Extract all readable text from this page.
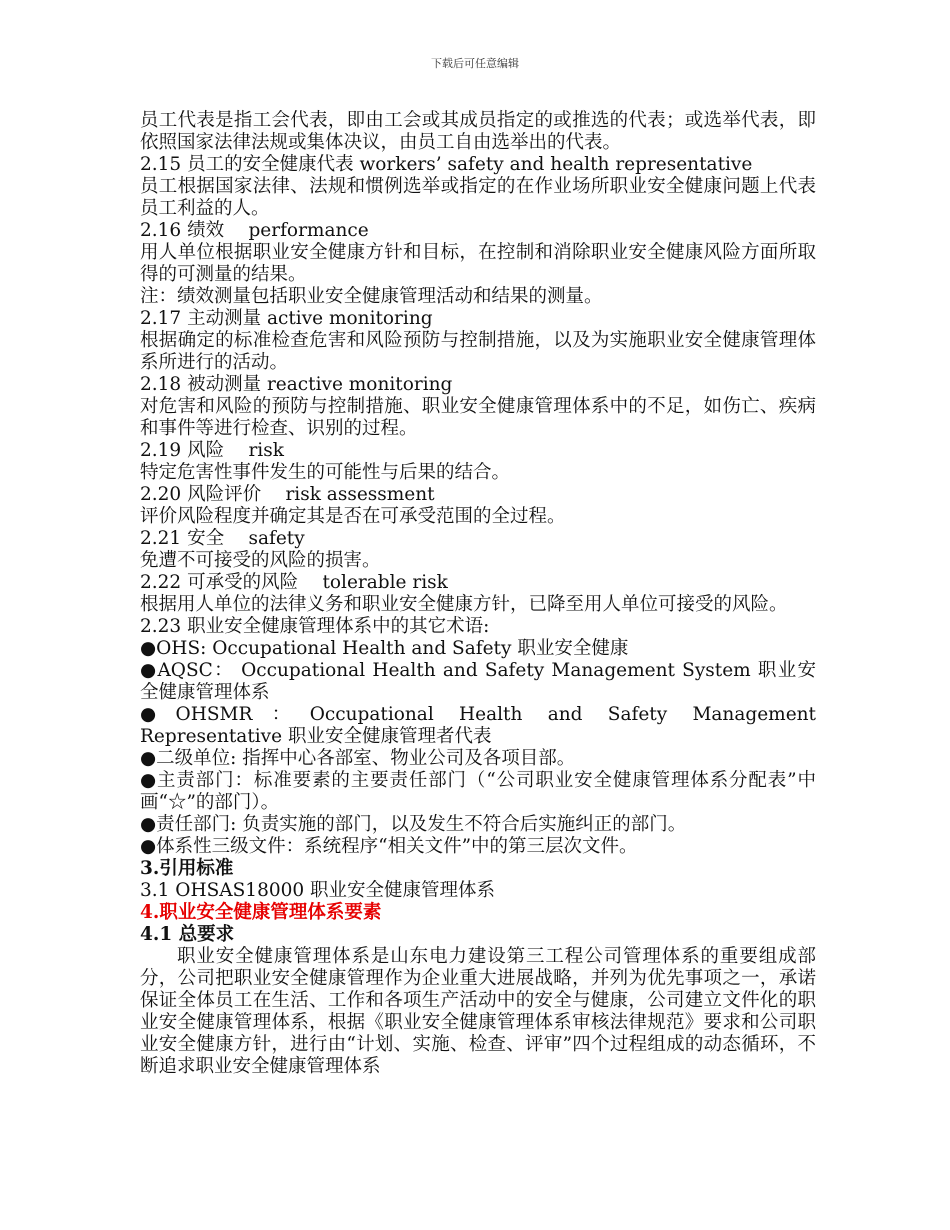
下载后可任意编辑

员工代表是指工会代表，即由工会或其成员指定的或推选的代表；或选举代表，即依照国家法律法规或集体决议，由员工自由选举出的代表。

2.15 员工的安全健康代表 workers’ safety and health representative

员工根据国家法律、法规和惯例选举或指定的在作业场所职业安全健康问题上代表员工利益的人。

2.16 绩效　 performance

用人单位根据职业安全健康方针和目标，在控制和消除职业安全健康风险方面所取得的可测量的结果。

注：绩效测量包括职业安全健康管理活动和结果的测量。

2.17 主动测量 active monitoring

根据确定的标准检查危害和风险预防与控制措施，以及为实施职业安全健康管理体系所进行的活动。

2.18 被动测量 reactive monitoring

对危害和风险的预防与控制措施、职业安全健康管理体系中的不足，如伤亡、疾病和事件等进行检查、识别的过程。

2.19 风险　 risk

特定危害性事件发生的可能性与后果的结合。

2.20 风险评价　 risk assessment

评价风险程度并确定其是否在可承受范围的全过程。

2.21 安全　 safety

免遭不可接受的风险的损害。

2.22 可承受的风险　 tolerable risk

根据用人单位的法律义务和职业安全健康方针，已降至用人单位可接受的风险。

2.23 职业安全健康管理体系中的其它术语:

●OHS: Occupational Health and Safety 职业安全健康

●AQSC： Occupational Health and Safety Management System 职业安全健康管理体系

●OHSMR：Occupational Health and Safety Management Representative 职业安全健康管理者代表

●二级单位: 指挥中心各部室、物业公司及各项目部。

●主责部门：标准要素的主要责任部门（“公司职业安全健康管理体系分配表”中画“☆”的部门）。

●责任部门: 负责实施的部门，以及发生不符合后实施纠正的部门。

●体系性三级文件：系统程序“相关文件”中的第三层次文件。

3.引用标准

3.1 OHSAS18000 职业安全健康管理体系

4.职业安全健康管理体系要素

4.1 总要求

职业安全健康管理体系是山东电力建设第三工程公司管理体系的重要组成部分，公司把职业安全健康管理作为企业重大进展战略，并列为优先事项之一，承诺保证全体员工在生活、工作和各项生产活动中的安全与健康，公司建立文件化的职业安全健康管理体系，根据《职业安全健康管理体系审核法律规范》要求和公司职业安全健康方针，进行由“计划、实施、检查、评审”四个过程组成的动态循环，不断追求职业安全健康管理体系
